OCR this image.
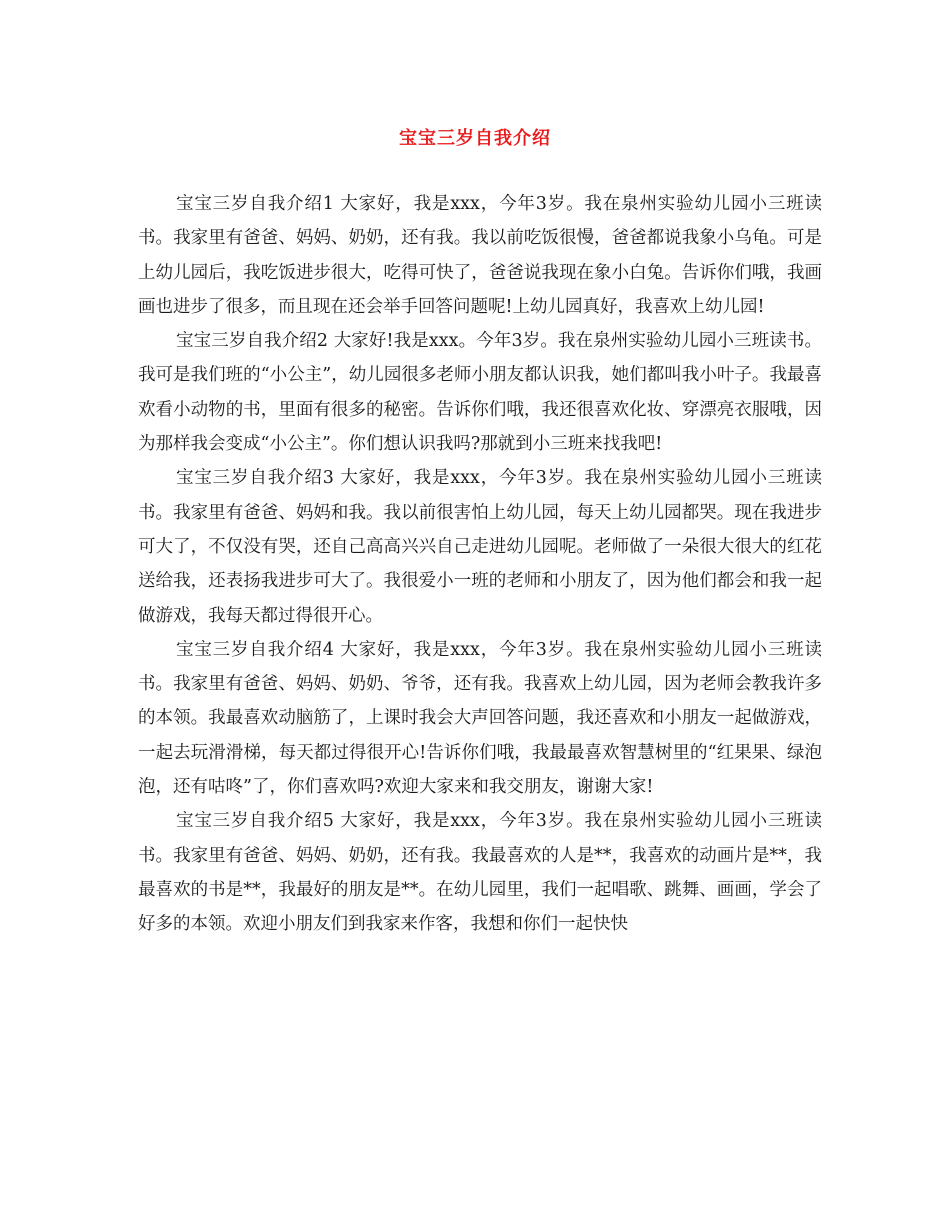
宝宝三岁自我介绍

宝宝三岁自我介绍1 大家好，我是xxx，今年3岁。我在泉州实验幼儿园小三班读书。我家里有爸爸、妈妈、奶奶，还有我。我以前吃饭很慢，爸爸都说我象小乌龟。可是上幼儿园后，我吃饭进步很大，吃得可快了，爸爸说我现在象小白兔。告诉你们哦，我画画也进步了很多，而且现在还会举手回答问题呢!上幼儿园真好，我喜欢上幼儿园!

宝宝三岁自我介绍2 大家好!我是xxx。今年3岁。我在泉州实验幼儿园小三班读书。我可是我们班的“小公主”，幼儿园很多老师小朋友都认识我，她们都叫我小叶子。我最喜欢看小动物的书，里面有很多的秘密。告诉你们哦，我还很喜欢化妆、穿漂亮衣服哦，因为那样我会变成“小公主”。你们想认识我吗?那就到小三班来找我吧!

宝宝三岁自我介绍3 大家好，我是xxx，今年3岁。我在泉州实验幼儿园小三班读书。我家里有爸爸、妈妈和我。我以前很害怕上幼儿园，每天上幼儿园都哭。现在我进步可大了，不仅没有哭，还自己高高兴兴自己走进幼儿园呢。老师做了一朵很大很大的红花送给我，还表扬我进步可大了。我很爱小一班的老师和小朋友了，因为他们都会和我一起做游戏，我每天都过得很开心。

宝宝三岁自我介绍4 大家好，我是xxx，今年3岁。我在泉州实验幼儿园小三班读书。我家里有爸爸、妈妈、奶奶、爷爷，还有我。我喜欢上幼儿园，因为老师会教我许多的本领。我最喜欢动脑筋了，上课时我会大声回答问题，我还喜欢和小朋友一起做游戏，一起去玩滑滑梯，每天都过得很开心!告诉你们哦，我最最喜欢智慧树里的“红果果、绿泡泡，还有咕咚”了，你们喜欢吗?欢迎大家来和我交朋友，谢谢大家!

宝宝三岁自我介绍5 大家好，我是xxx，今年3岁。我在泉州实验幼儿园小三班读书。我家里有爸爸、妈妈、奶奶，还有我。我最喜欢的人是**，我喜欢的动画片是**，我最喜欢的书是**，我最好的朋友是**。在幼儿园里，我们一起唱歌、跳舞、画画，学会了好多的本领。欢迎小朋友们到我家来作客，我想和你们一起快快
